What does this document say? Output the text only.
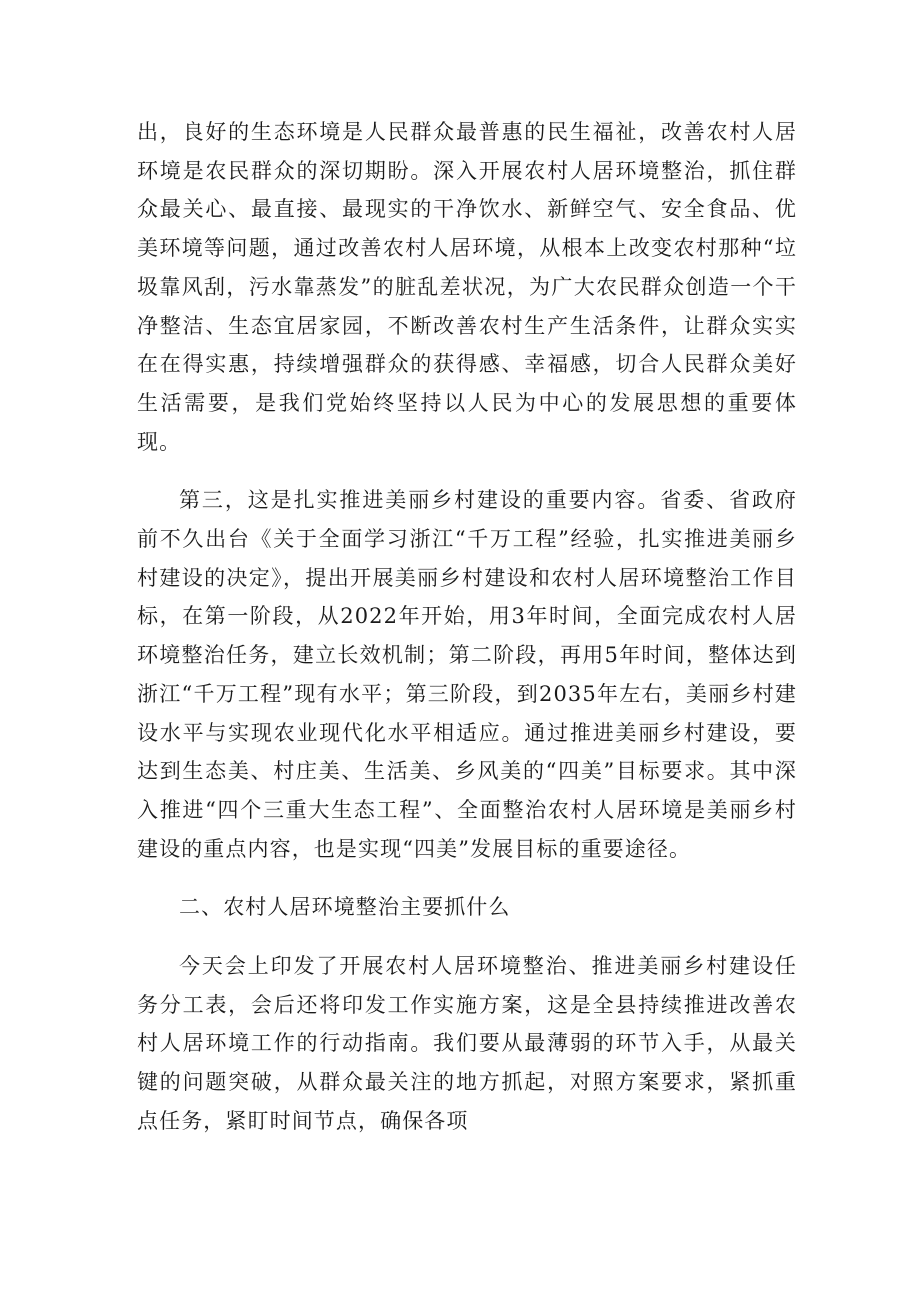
出，良好的生态环境是人民群众最普惠的民生福祉，改善农村人居环境是农民群众的深切期盼。深入开展农村人居环境整治，抓住群众最关心、最直接、最现实的干净饮水、新鲜空气、安全食品、优美环境等问题，通过改善农村人居环境，从根本上改变农村那种“垃圾靠风刮，污水靠蒸发”的脏乱差状况，为广大农民群众创造一个干净整洁、生态宜居家园，不断改善农村生产生活条件，让群众实实在在得实惠，持续增强群众的获得感、幸福感，切合人民群众美好生活需要，是我们党始终坚持以人民为中心的发展思想的重要体现。

第三，这是扎实推进美丽乡村建设的重要内容。省委、省政府前不久出台《关于全面学习浙江“千万工程”经验，扎实推进美丽乡村建设的决定》，提出开展美丽乡村建设和农村人居环境整治工作目标，在第一阶段，从2022年开始，用3年时间，全面完成农村人居环境整治任务，建立长效机制；第二阶段，再用5年时间，整体达到浙江“千万工程”现有水平；第三阶段，到2035年左右，美丽乡村建设水平与实现农业现代化水平相适应。通过推进美丽乡村建设，要达到生态美、村庄美、生活美、乡风美的“四美”目标要求。其中深入推进“四个三重大生态工程”、全面整治农村人居环境是美丽乡村建设的重点内容，也是实现“四美”发展目标的重要途径。

二、农村人居环境整治主要抓什么

今天会上印发了开展农村人居环境整治、推进美丽乡村建设任务分工表，会后还将印发工作实施方案，这是全县持续推进改善农村人居环境工作的行动指南。我们要从最薄弱的环节入手，从最关键的问题突破，从群众最关注的地方抓起，对照方案要求，紧抓重点任务，紧盯时间节点，确保各项
